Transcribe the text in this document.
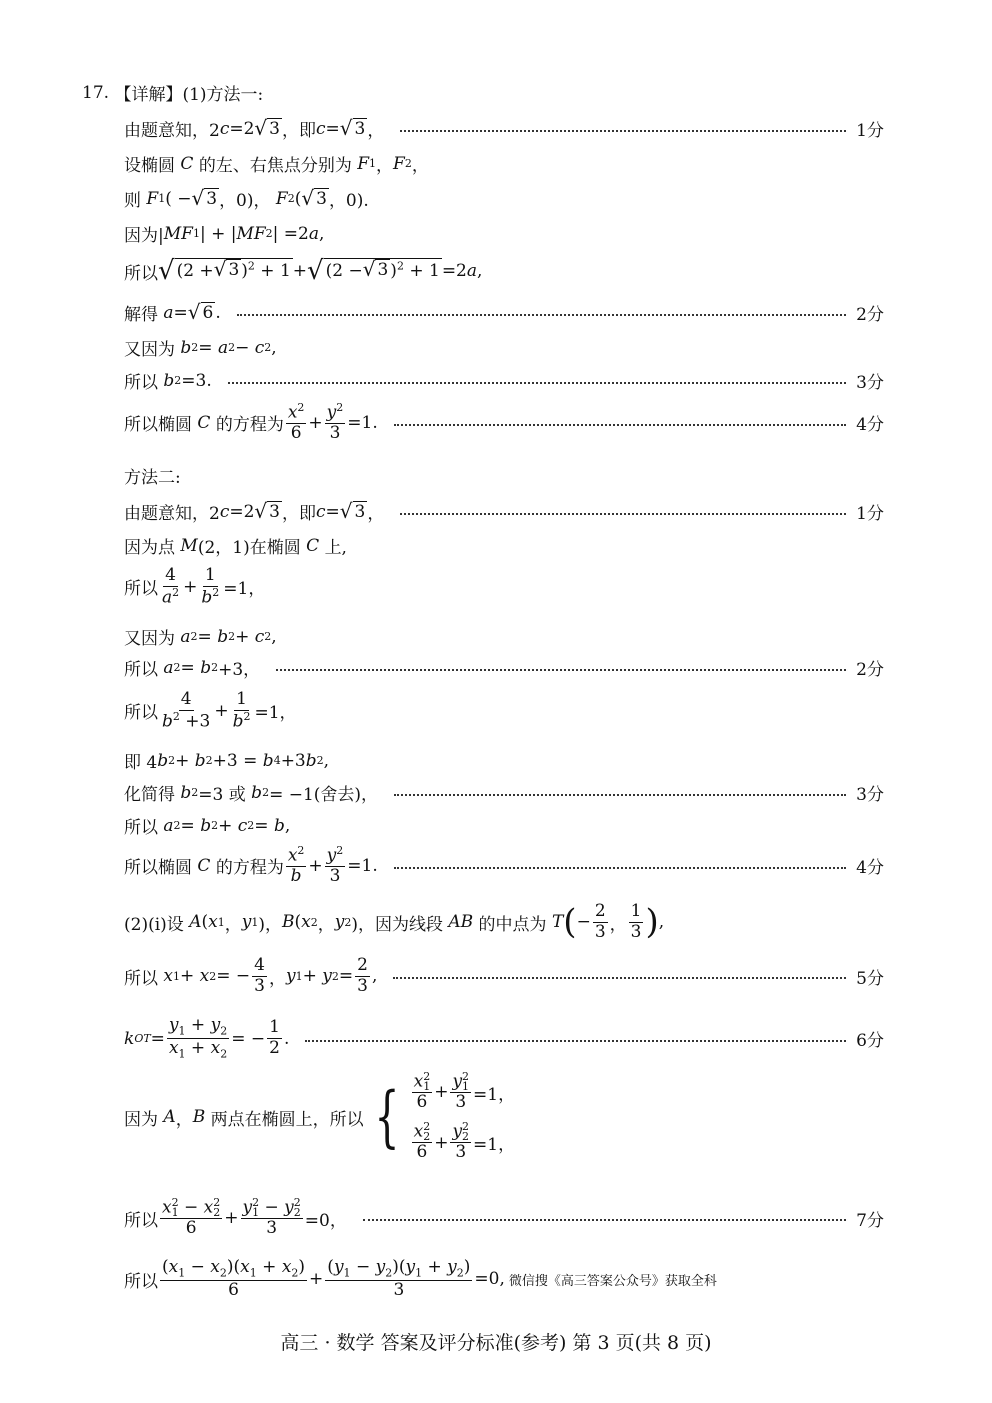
17.
【详解】 (1)方法一:
由题意知，2 c =2 √ 3 ，即 c = √ 3 ，	1分
设椭圆
C
的左、右焦点分别为
F 1 ， F 2 ，
则
F 1 ( − √ 3 ，0)，
F 2 ( √ 3 ，0).
因为| MF 1 | + | MF 2 | =2 a ,
所以 √ (2 + √ 3 )$^2$ + 1 + √ (2 − √ 3 )$^2$ + 1 =2 a ,
解得
a = √ 6 .	2分
又因为
b 2 =
a 2 −
c 2 ,
所以
b 2 =3.	3分
所以椭圆
C
的方程为 $\frac{x^2}{6} + \frac{y^2}{3} =1$.	4分
方法二:
由题意知，2 c =2 √ 3 ，即 c = √ 3 ，	1分
因为点
M (2，1)在椭圆
C
上,
所以 $\frac{4}{a^2} + \frac{1}{b^2} =1$，
又因为
a 2 =
b 2 +
c 2 ,
所以
a 2 =
b 2 +3，	2分
所以 $\frac{4}{b^2 +3} + \frac{1}{b^2} =1$，
即 4 b 2 +
b 2 +3 =
b 4 +3 b 2 ,
化简得
b 2 =3 或
b 2 = −1(舍去)，	3分
所以
a 2 =
b 2 +
c 2 =
b ,
所以椭圆
C
的方程为 $\frac{x^2}{b} + \frac{y^2}{3} =1$.	4分
(2)(i)设
A ( x 1 ， y 1 )， B ( x 2 ， y 2 )，因为线段
AB
的中点为
T ( − $\frac{2}{3}$ ， $\frac{1}{3}$ ) ,
所以
x 1 +
x 2 = − $\frac{4}{3}$ ， y 1 +
y $2 = \frac{2}{3}$ ,	5分
k OT = $\frac{y_1 + y_2}{x_1 + x_2}$ = − $\frac{1}{2}$ .	6分
因为
A ， B
两点在椭圆上，所以 { x 2
1
6 + y 2
1
3 =1，
x 2
2
6 + y 2
2
3 =1，
所以 x 2
1 − x 2
2
6 + y 2
1 − y 2
2
3 =0，	7分
所以 $\frac{(x_1 - x_2)(x_1 + x_2)}{6} + \frac{(y_1 - y_2)(y_1 + y_2)}{3} =0$, 微信搜《高三答案公众号》获取全科
高三 · 数学 答案及评分标准(参考) 第 3 页(共 8 页)
